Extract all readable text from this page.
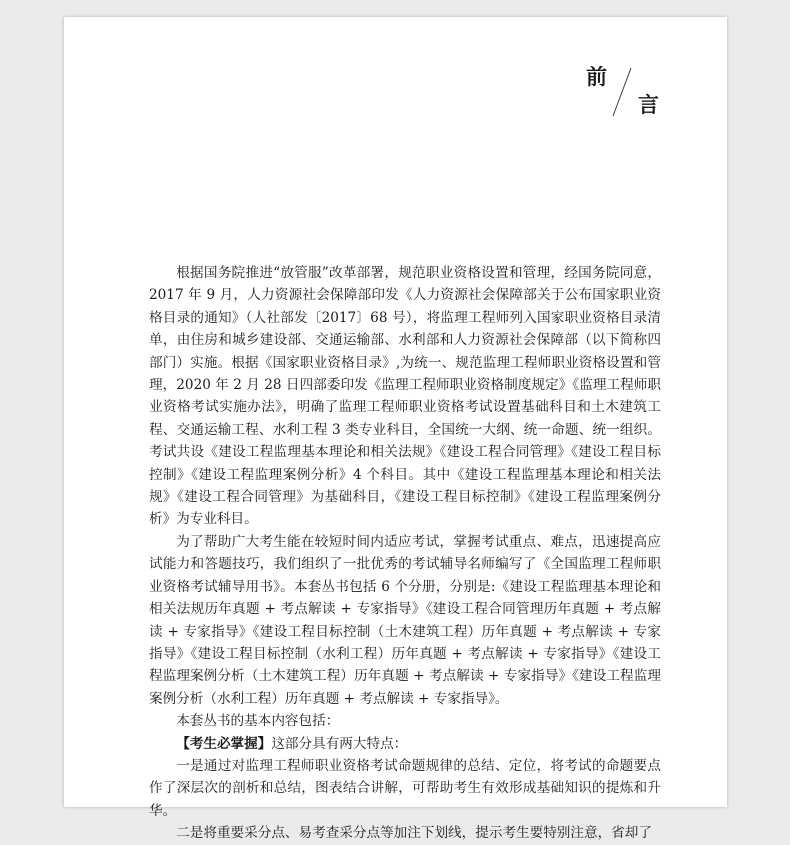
前
言

根据国务院推进“放管服”改革部署，规范职业资格设置和管理，经国务院同意，2017 年 9 月，人力资源社会保障部印发《人力资源社会保障部关于公布国家职业资格目录的通知》（人社部发〔2017〕68 号），将监理工程师列入国家职业资格目录清单，由住房和城乡建设部、交通运输部、水利部和人力资源社会保障部（以下简称四部门）实施。根据《国家职业资格目录》,为统一、规范监理工程师职业资格设置和管理，2020 年 2 月 28 日四部委印发《监理工程师职业资格制度规定》《监理工程师职业资格考试实施办法》，明确了监理工程师职业资格考试设置基础科目和土木建筑工程、交通运输工程、水利工程 3 类专业科目，全国统一大纲、统一命题、统一组织。考试共设《建设工程监理基本理论和相关法规》《建设工程合同管理》《建设工程目标控制》《建设工程监理案例分析》4 个科目。其中《建设工程监理基本理论和相关法规》《建设工程合同管理》为基础科目，《建设工程目标控制》《建设工程监理案例分析》为专业科目。

为了帮助广大考生能在较短时间内适应考试，掌握考试重点、难点，迅速提高应试能力和答题技巧，我们组织了一批优秀的考试辅导名师编写了《全国监理工程师职业资格考试辅导用书》。本套丛书包括 6 个分册，分别是:《建设工程监理基本理论和相关法规历年真题 + 考点解读 + 专家指导》《建设工程合同管理历年真题 + 考点解读 + 专家指导》《建设工程目标控制（土木建筑工程）历年真题 + 考点解读 + 专家指导》《建设工程目标控制（水利工程）历年真题 + 考点解读 + 专家指导》《建设工程监理案例分析（土木建筑工程）历年真题 + 考点解读 + 专家指导》《建设工程监理案例分析（水利工程）历年真题 + 考点解读 + 专家指导》。

本套丛书的基本内容包括：

【考生必掌握】这部分具有两大特点：

一是通过对监理工程师职业资格考试命题规律的总结、定位，将考试的命题要点作了深层次的剖析和总结，图表结合讲解，可帮助考生有效形成基础知识的提炼和升华。

二是将重要采分点、易考查采分点等加注下划线，提示考生要特别注意，省却了
